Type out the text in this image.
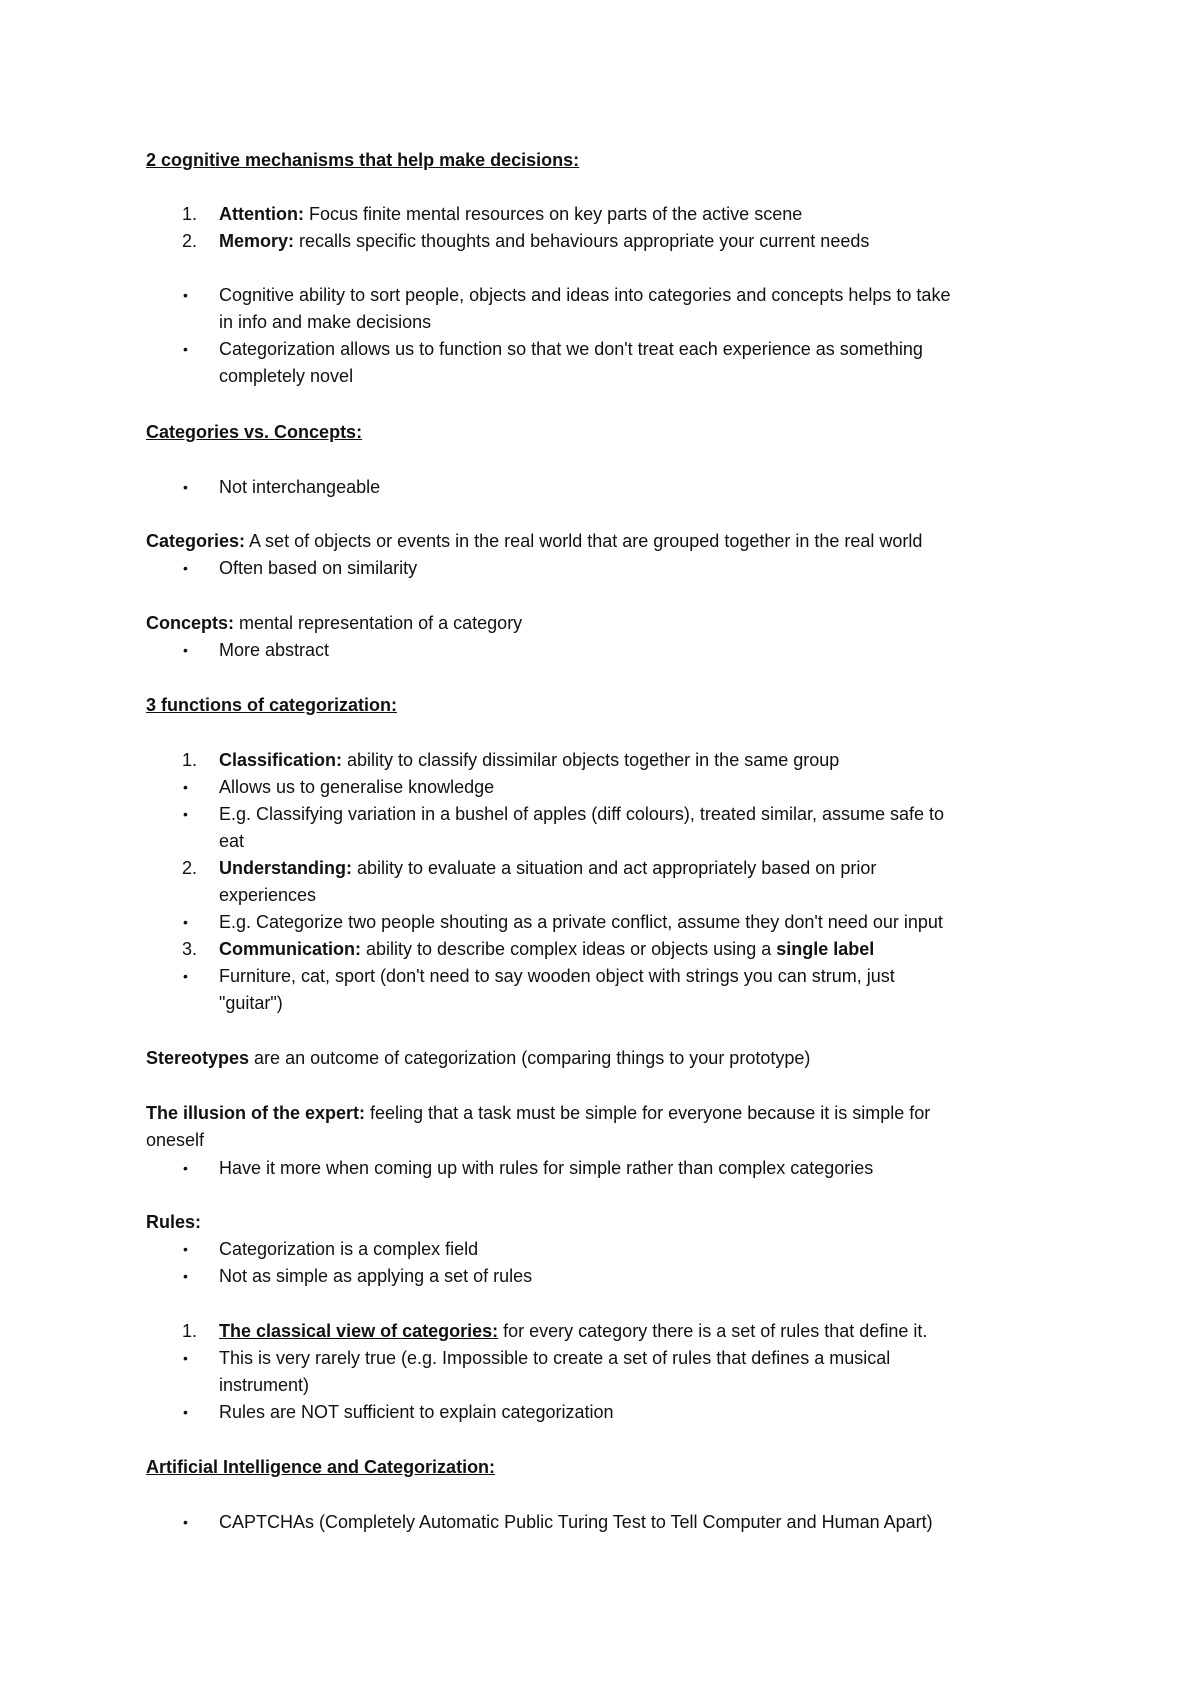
2 cognitive mechanisms that help make decisions:
1. Attention: Focus finite mental resources on key parts of the active scene
2. Memory: recalls specific thoughts and behaviours appropriate your current needs
• Cognitive ability to sort people, objects and ideas into categories and concepts helps to take
in info and make decisions
• Categorization allows us to function so that we don't treat each experience as something
completely novel
Categories vs. Concepts:
• Not interchangeable
Categories: A set of objects or events in the real world that are grouped together in the real world
• Often based on similarity
Concepts: mental representation of a category
• More abstract
3 functions of categorization:
1. Classification: ability to classify dissimilar objects together in the same group
• Allows us to generalise knowledge
• E.g. Classifying variation in a bushel of apples (diff colours), treated similar, assume safe to
eat
2. Understanding: ability to evaluate a situation and act appropriately based on prior
experiences
• E.g. Categorize two people shouting as a private conflict, assume they don't need our input
3. Communication: ability to describe complex ideas or objects using a single label
• Furniture, cat, sport (don't need to say wooden object with strings you can strum, just
"guitar")
Stereotypes are an outcome of categorization (comparing things to your prototype)
The illusion of the expert: feeling that a task must be simple for everyone because it is simple for
oneself
• Have it more when coming up with rules for simple rather than complex categories
Rules:
• Categorization is a complex field
• Not as simple as applying a set of rules
1. The classical view of categories: for every category there is a set of rules that define it.
• This is very rarely true (e.g. Impossible to create a set of rules that defines a musical
instrument)
• Rules are NOT sufficient to explain categorization
Artificial Intelligence and Categorization:
• CAPTCHAs (Completely Automatic Public Turing Test to Tell Computer and Human Apart)
